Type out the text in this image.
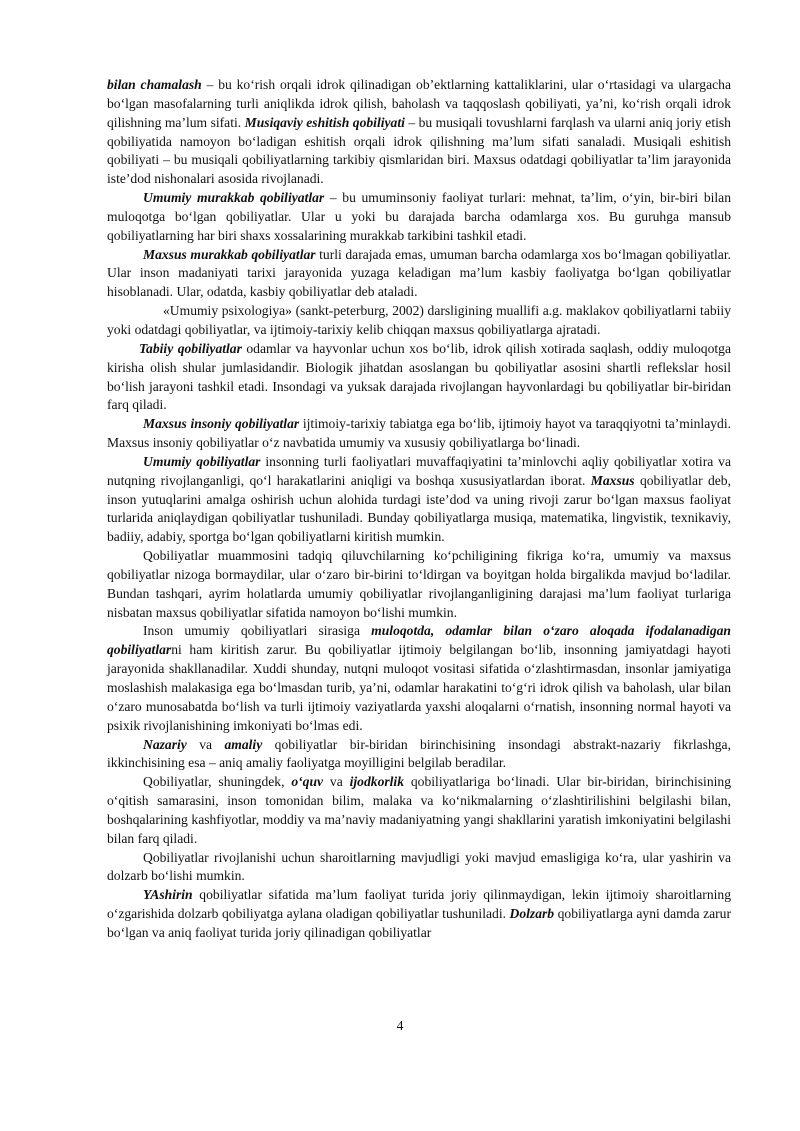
bilan chamalash – bu ko‘rish orqali idrok qilinadigan ob’ektlarning kattaliklarini, ular o‘rtasidagi va ulargacha bo‘lgan masofalarning turli aniqlikda idrok qilish, baholash va taqqoslash qobiliyati, ya’ni, ko‘rish orqali idrok qilishning ma’lum sifati. Musiqaviy eshitish qobiliyati – bu musiqali tovushlarni farqlash va ularni aniq joriy etish qobiliyatida namoyon bo‘ladigan eshitish orqali idrok qilishning ma’lum sifati sanaladi. Musiqali eshitish qobiliyati – bu musiqali qobiliyatlarning tarkibiy qismlaridan biri. Maxsus odatdagi qobiliyatlar ta’lim jarayonida iste’dod nishonalari asosida rivojlanadi.

Umumiy murakkab qobiliyatlar – bu umuminsoniy faoliyat turlari: mehnat, ta’lim, o‘yin, bir-biri bilan muloqotga bo‘lgan qobiliyatlar. Ular u yoki bu darajada barcha odamlarga xos. Bu guruhga mansub qobiliyatlarning har biri shaxs xossalarining murakkab tarkibini tashkil etadi.

Maxsus murakkab qobiliyatlar turli darajada emas, umuman barcha odamlarga xos bo‘lmagan qobiliyatlar. Ular inson madaniyati tarixi jarayonida yuzaga keladigan ma’lum kasbiy faoliyatga bo‘lgan qobiliyatlar hisoblanadi. Ular, odatda, kasbiy qobiliyatlar deb ataladi.

«Umumiy psixologiya» (sankt-peterburg, 2002) darsligining muallifi a.g. maklakov qobiliyatlarni tabiiy yoki odatdagi qobiliyatlar, va ijtimoiy-tarixiy kelib chiqqan maxsus qobiliyatlarga ajratadi.

Tabiiy qobiliyatlar odamlar va hayvonlar uchun xos bo‘lib, idrok qilish xotirada saqlash, oddiy muloqotga kirisha olish shular jumlasidandir. Biologik jihatdan asoslangan bu qobiliyatlar asosini shartli reflekslar hosil bo‘lish jarayoni tashkil etadi. Insondagi va yuksak darajada rivojlangan hayvonlardagi bu qobiliyatlar bir-biridan farq qiladi.

Maxsus insoniy qobiliyatlar ijtimoiy-tarixiy tabiatga ega bo‘lib, ijtimoiy hayot va taraqqiyotni ta’minlaydi. Maxsus insoniy qobiliyatlar o‘z navbatida umumiy va xususiy qobiliyatlarga bo‘linadi.

Umumiy qobiliyatlar insonning turli faoliyatlari muvaffaqiyatini ta’minlovchi aqliy qobiliyatlar xotira va nutqning rivojlanganligi, qo‘l harakatlarini aniqligi va boshqa xususiyatlardan iborat. Maxsus qobiliyatlar deb, inson yutuqlarini amalga oshirish uchun alohida turdagi iste’dod va uning rivoji zarur bo‘lgan maxsus faoliyat turlarida aniqlaydigan qobiliyatlar tushuniladi. Bunday qobiliyatlarga musiqa, matematika, lingvistik, texnikaviy, badiiy, adabiy, sportga bo‘lgan qobiliyatlarni kiritish mumkin.

Qobiliyatlar muammosini tadqiq qiluvchilarning ko‘pchiligining fikriga ko‘ra, umumiy va maxsus qobiliyatlar nizoga bormaydilar, ular o‘zaro bir-birini to‘ldirgan va boyitgan holda birgalikda mavjud bo‘ladilar. Bundan tashqari, ayrim holatlarda umumiy qobiliyatlar rivojlanganligining darajasi ma’lum faoliyat turlariga nisbatan maxsus qobiliyatlar sifatida namoyon bo‘lishi mumkin.

Inson umumiy qobiliyatlari sirasiga muloqotda, odamlar bilan o‘zaro aloqada ifodalanadigan qobiliyatlarni ham kiritish zarur. Bu qobiliyatlar ijtimoiy belgilangan bo‘lib, insonning jamiyatdagi hayoti jarayonida shakllanadilar. Xuddi shunday, nutqni muloqot vositasi sifatida o‘zlashtirmasdan, insonlar jamiyatiga moslashish malakasiga ega bo‘lmasdan turib, ya’ni, odamlar harakatini to‘g‘ri idrok qilish va baholash, ular bilan o‘zaro munosabatda bo‘lish va turli ijtimoiy vaziyatlarda yaxshi aloqalarni o‘rnatish, insonning normal hayoti va psixik rivojlanishining imkoniyati bo‘lmas edi.

Nazariy va amaliy qobiliyatlar bir-biridan birinchisining insondagi abstrakt-nazariy fikrlashga, ikkinchisining esa – aniq amaliy faoliyatga moyilligini belgilab beradilar.

Qobiliyatlar, shuningdek, o‘quv va ijodkorlik qobiliyatlariga bo‘linadi. Ular bir-biridan, birinchisining o‘qitish samarasini, inson tomonidan bilim, malaka va ko‘nikmalarning o‘zlashtirilishini belgilashi bilan, boshqalarining kashfiyotlar, moddiy va ma’naviy madaniyatning yangi shakllarini yaratish imkoniyatini belgilashi bilan farq qiladi.

Qobiliyatlar rivojlanishi uchun sharoitlarning mavjudligi yoki mavjud emasligiga ko‘ra, ular yashirin va dolzarb bo‘lishi mumkin.

YAshirin qobiliyatlar sifatida ma’lum faoliyat turida joriy qilinmaydigan, lekin ijtimoiy sharoitlarning o‘zgarishida dolzarb qobiliyatga aylana oladigan qobiliyatlar tushuniladi. Dolzarb qobiliyatlarga ayni damda zarur bo‘lgan va aniq faoliyat turida joriy qilinadigan qobiliyatlar

4
